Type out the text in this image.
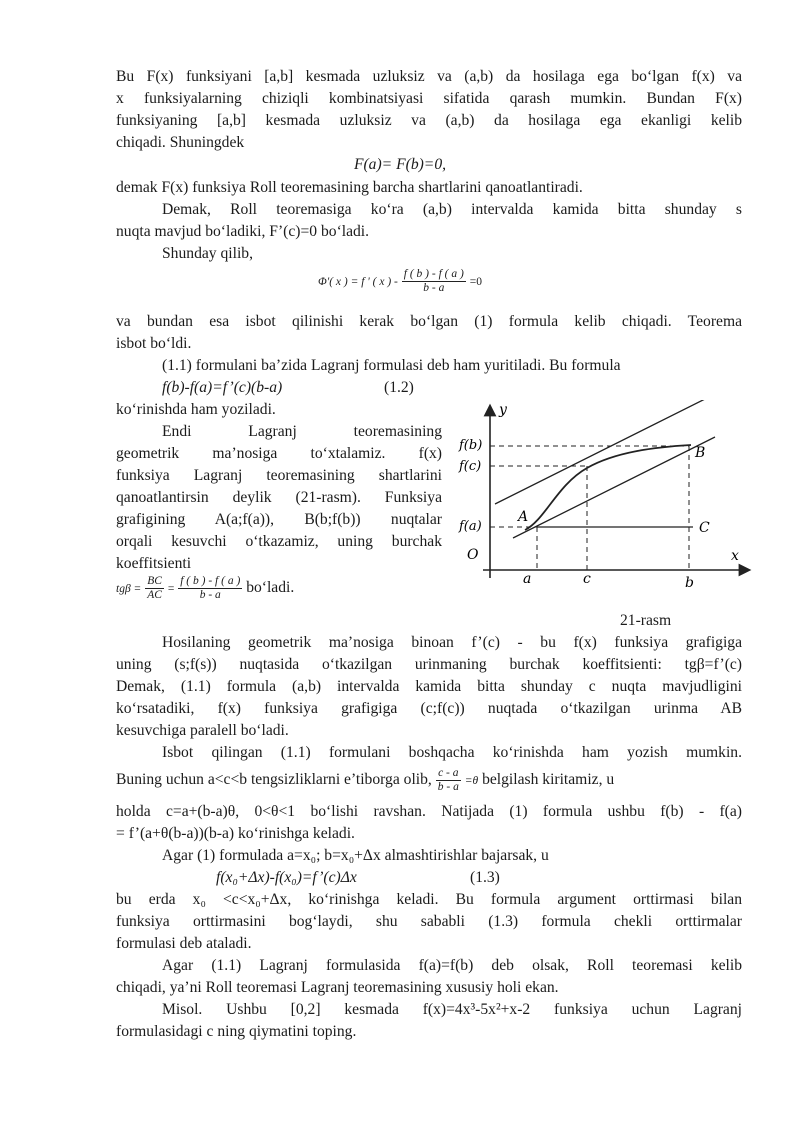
Bu F(x) funksiyani [a,b] kesmada uzluksiz va (a,b) da hosilaga ega bo‘lgan f(x) va
x funksiyalarning chiziqli kombinatsiyasi sifatida qarash mumkin. Bundan F(x)
funksiyaning [a,b] kesmada uzluksiz va (a,b) da hosilaga ega ekanligi kelib
chiqadi. Shuningdek
F(a)= F(b)=0,
demak F(x) funksiya Roll teoremasining barcha shartlarini qanoatlantiradi.
Demak, Roll teoremasiga ko‘ra (a,b) intervalda kamida bitta shunday s
nuqta mavjud bo‘ladiki, F’(c)=0 bo‘ladi.
Shunday qilib,
Φ'( x ) = f ' ( x ) - $\frac{f ( b ) - f ( a )}{b - a} =0$
va bundan esa isbot qilinishi kerak bo‘lgan (1) formula kelib chiqadi. Teorema
isbot bo‘ldi.
(1.1) formulani ba’zida Lagranj formulasi deb ham yuritiladi. Bu formula
f(b)-f(a)=f’(c)(b-a)	(1.2)
ko‘rinishda ham yoziladi.
Endi Lagranj teoremasining
geometrik ma’nosiga to‘xtalamiz. f(x)
funksiya Lagranj teoremasining shartlarini
qanoatlantirsin deylik (21-rasm). Funksiya
grafigining A(a;f(a)), B(b;f(b)) nuqtalar
orqali kesuvchi o‘tkazamiz, uning burchak
koeffitsienti
$tg\beta = \frac{BC}{AC} = \frac{f ( b ) - f ( a )}{b - a}$ bo‘ladi.
y
x
O
f(b)
f(c)
f(a)
A
B
C
a	c	b
21-rasm
Hosilaning geometrik ma’nosiga binoan f’(c) - bu f(x) funksiya grafigiga
uning (s;f(s)) nuqtasida o‘tkazilgan urinmaning burchak koeffitsienti: tgβ=f’(c)
Demak, (1.1) formula (a,b) intervalda kamida bitta shunday c nuqta mavjudligini
ko‘rsatadiki, f(x) funksiya grafigiga (c;f(c)) nuqtada o‘tkazilgan urinma AB
kesuvchiga paralell bo‘ladi.
Isbot qilingan (1.1) formulani boshqacha ko‘rinishda ham yozish mumkin.
Buning uchun a<c<b tengsizliklarni e’tiborga olib, $\frac{c - a}{b - a} =\theta$ belgilash kiritamiz, u
holda c=a+(b-a)θ, 0<θ<1 bo‘lishi ravshan. Natijada (1) formula ushbu f(b) - f(a)
= f’(a+θ(b-a))(b-a) ko‘rinishga keladi.
Agar (1) formulada a=x₀; b=x₀+Δx almashtirishlar bajarsak, u
f(x₀+Δx)-f(x₀)=f’(c)Δx	(1.3)
bu erda x₀ <c<x₀+Δx, ko‘rinishga keladi. Bu formula argument orttirmasi bilan
funksiya orttirmasini bog‘laydi, shu sababli (1.3) formula chekli orttirmalar
formulasi deb ataladi.
Agar (1.1) Lagranj formulasida f(a)=f(b) deb olsak, Roll teoremasi kelib
chiqadi, ya’ni Roll teoremasi Lagranj teoremasining xususiy holi ekan.
Misol. Ushbu [0,2] kesmada f(x)=4x³-5x²+x-2 funksiya uchun Lagranj
formulasidagi c ning qiymatini toping.
